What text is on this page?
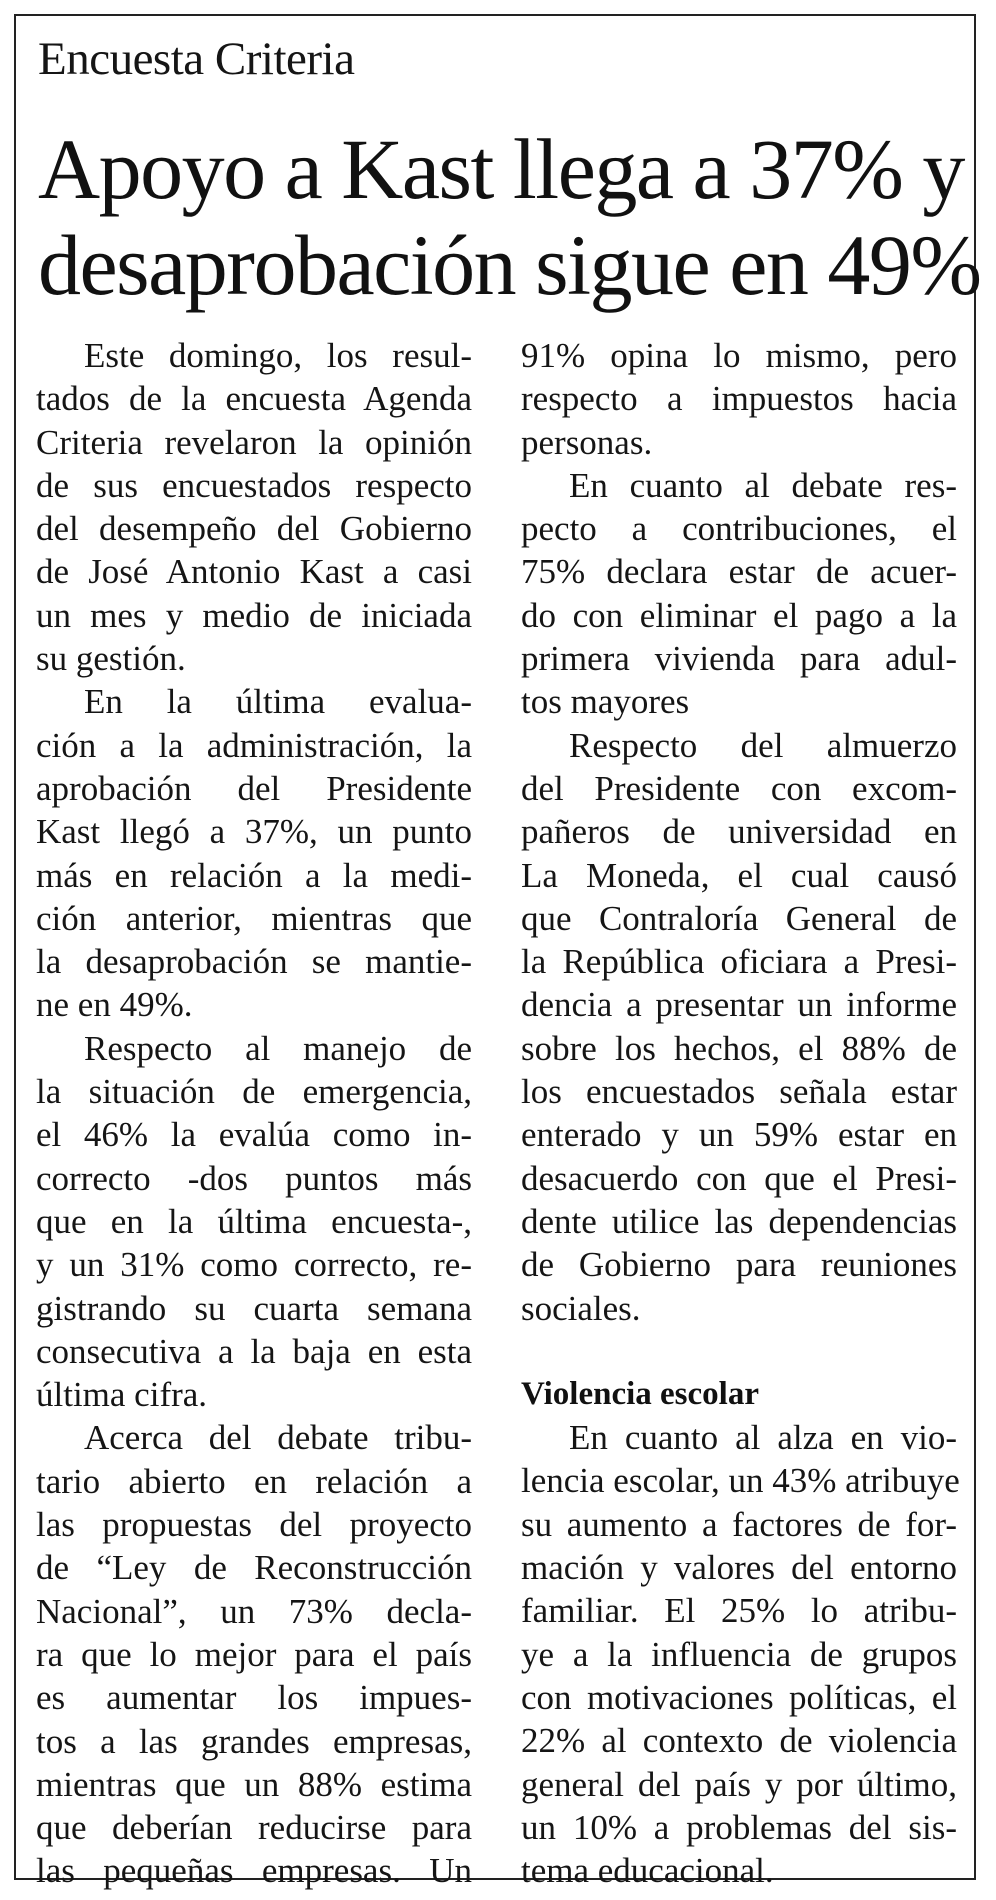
Encuesta Criteria
Apoyo a Kast llega a 37% y
desaprobación sigue en 49%
Este domingo, los resul-
tados de la encuesta Agenda
Criteria revelaron la opinión
de sus encuestados respecto
del desempeño del Gobierno
de José Antonio Kast a casi
un mes y medio de iniciada
su gestión.
En la última evalua-
ción a la administración, la
aprobación del Presidente
Kast llegó a 37%, un punto
más en relación a la medi-
ción anterior, mientras que
la desaprobación se mantie-
ne en 49%.
Respecto al manejo de
la situación de emergencia,
el 46% la evalúa como in-
correcto -dos puntos más
que en la última encuesta-,
y un 31% como correcto, re-
gistrando su cuarta semana
consecutiva a la baja en esta
última cifra.
Acerca del debate tribu-
tario abierto en relación a
las propuestas del proyecto
de “Ley de Reconstrucción
Nacional”, un 73% decla-
ra que lo mejor para el país
es aumentar los impues-
tos a las grandes empresas,
mientras que un 88% estima
que deberían reducirse para
las pequeñas empresas. Un
91% opina lo mismo, pero
respecto a impuestos hacia
personas.
En cuanto al debate res-
pecto a contribuciones, el
75% declara estar de acuer-
do con eliminar el pago a la
primera vivienda para adul-
tos mayores
Respecto del almuerzo
del Presidente con excom-
pañeros de universidad en
La Moneda, el cual causó
que Contraloría General de
la República oficiara a Presi-
dencia a presentar un informe
sobre los hechos, el 88% de
los encuestados señala estar
enterado y un 59% estar en
desacuerdo con que el Presi-
dente utilice las dependencias
de Gobierno para reuniones
sociales.
Violencia escolar
En cuanto al alza en vio-
lencia escolar, un 43% atribuye
su aumento a factores de for-
mación y valores del entorno
familiar. El 25% lo atribu-
ye a la influencia de grupos
con motivaciones políticas, el
22% al contexto de violencia
general del país y por último,
un 10% a problemas del sis-
tema educacional.
